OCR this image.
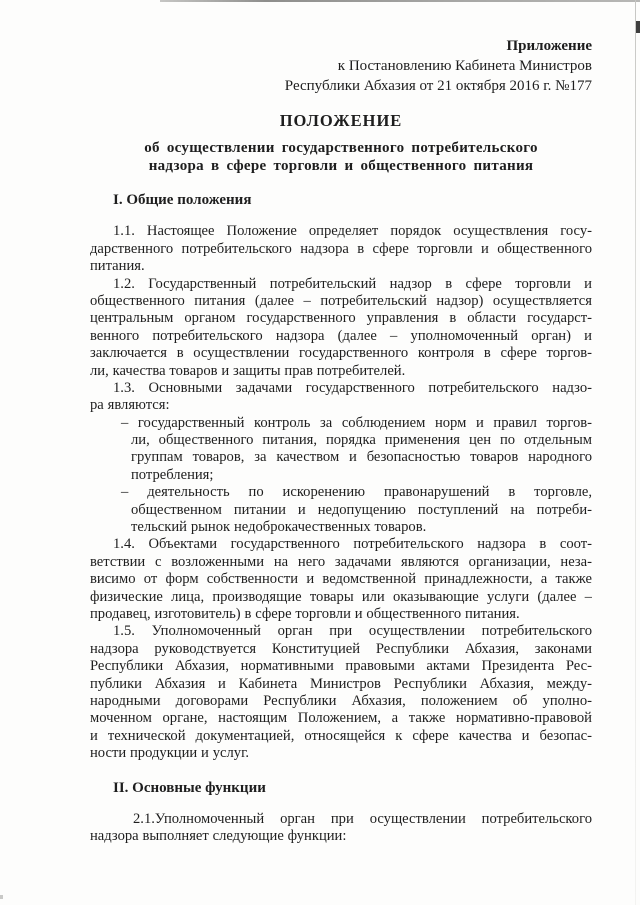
Приложение
к Постановлению Кабинета Министров
Республики Абхазия от 21 октября 2016 г. №177
ПОЛОЖЕНИЕ
об осуществлении государственного потребительского
надзора в сфере торговли и общественного питания
I. Общие положения
1.1. Настоящее Положение определяет порядок осуществления госу-
дарственного потребительского надзора в сфере торговли и общественного
питания.
1.2. Государственный потребительский надзор в сфере торговли и
общественного питания (далее – потребительский надзор) осуществляется
центральным органом государственного управления в области государст-
венного потребительского надзора (далее – уполномоченный орган) и
заключается в осуществлении государственного контроля в сфере торгов-
ли, качества товаров и защиты прав потребителей.
1.3. Основными задачами государственного потребительского надзо-
ра являются:
– государственный контроль за соблюдением норм и правил торгов-
ли, общественного питания, порядка применения цен по отдельным
группам товаров, за качеством и безопасностью товаров народного
потребления;
– деятельность по искоренению правонарушений в торговле,
общественном питании и недопущению поступлений на потреби-
тельский рынок недоброкачественных товаров.
1.4. Объектами государственного потребительского надзора в соот-
ветствии с возложенными на него задачами являются организации, неза-
висимо от форм собственности и ведомственной принадлежности, а также
физические лица, производящие товары или оказывающие услуги (далее –
продавец, изготовитель) в сфере торговли и общественного питания.
1.5. Уполномоченный орган при осуществлении потребительского
надзора руководствуется Конституцией Республики Абхазия, законами
Республики Абхазия, нормативными правовыми актами Президента Рес-
публики Абхазия и Кабинета Министров Республики Абхазия, между-
народными договорами Республики Абхазия, положением об уполно-
моченном органе, настоящим Положением, а также нормативно-правовой
и технической документацией, относящейся к сфере качества и безопас-
ности продукции и услуг.
II. Основные функции
2.1.Уполномоченный орган при осуществлении потребительского
надзора выполняет следующие функции:
